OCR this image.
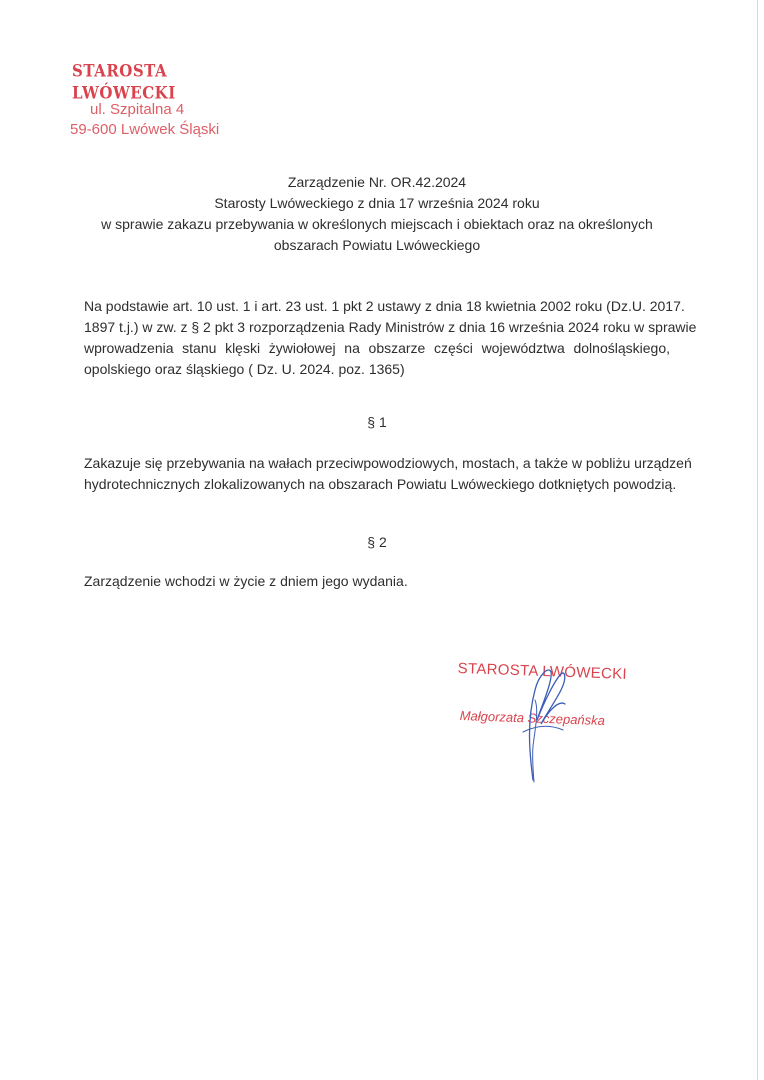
STAROSTA LWÓWECKI
ul. Szpitalna 4
59-600 Lwówek Śląski
Zarządzenie Nr. OR.42.2024
Starosty Lwóweckiego z dnia 17 września 2024 roku
w sprawie zakazu przebywania w określonych miejscach i obiektach oraz na określonych
obszarach Powiatu Lwóweckiego
Na podstawie art. 10 ust. 1 i art. 23 ust. 1 pkt 2 ustawy z dnia 18 kwietnia 2002 roku (Dz.U. 2017.
1897 t.j.) w zw. z § 2 pkt 3 rozporządzenia Rady Ministrów z dnia 16 września 2024 roku w sprawie
wprowadzenia stanu klęski żywiołowej na obszarze części województwa dolnośląskiego,
opolskiego oraz śląskiego ( Dz. U. 2024. poz. 1365)
§ 1
Zakazuje się przebywania na wałach przeciwpowodziowych, mostach, a także w pobliżu urządzeń
hydrotechnicznych zlokalizowanych na obszarach Powiatu Lwóweckiego dotkniętych powodzią.
§ 2
Zarządzenie wchodzi w życie z dniem jego wydania.
STAROSTA LWÓWECKI
Małgorzata Szczepańska
